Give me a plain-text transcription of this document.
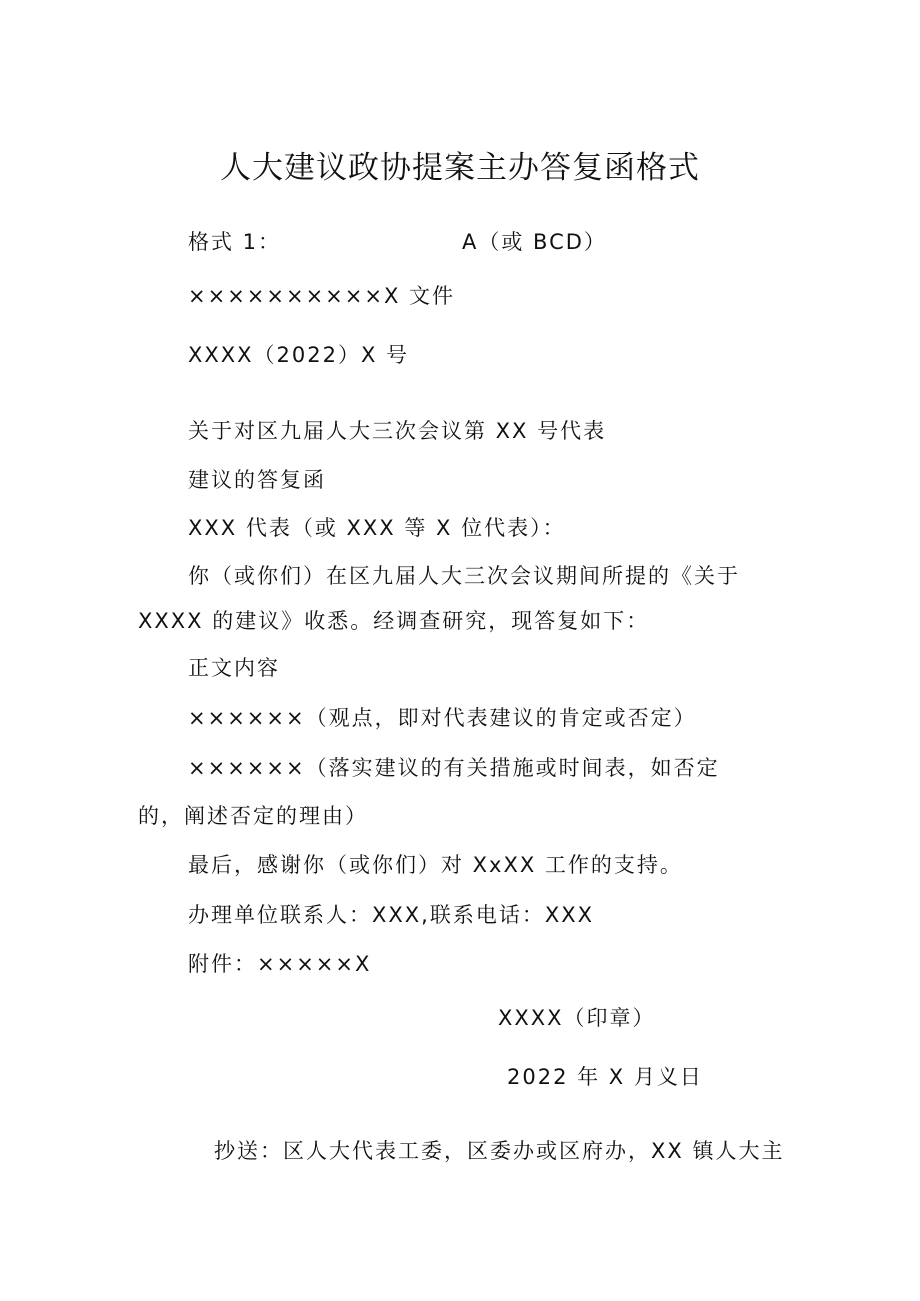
人大建议政协提案主办答复函格式
格式 1：	A（或 BCD）
××××××××××X 文件
XXXX（2022）X 号
关于对区九届人大三次会议第 XX 号代表
建议的答复函
XXX 代表（或 XXX 等 X 位代表）：
你（或你们）在区九届人大三次会议期间所提的《关于
XXXX 的建议》收悉。经调查研究，现答复如下：
正文内容
××××××（观点，即对代表建议的肯定或否定）
××××××（落实建议的有关措施或时间表，如否定
的，阐述否定的理由）
最后，感谢你（或你们）对 XxXX 工作的支持。
办理单位联系人：XXX,联系电话：XXX
附件：×××××X
XXXX（印章）
2022 年 X 月义日
抄送：区人大代表工委，区委办或区府办，XX 镇人大主
